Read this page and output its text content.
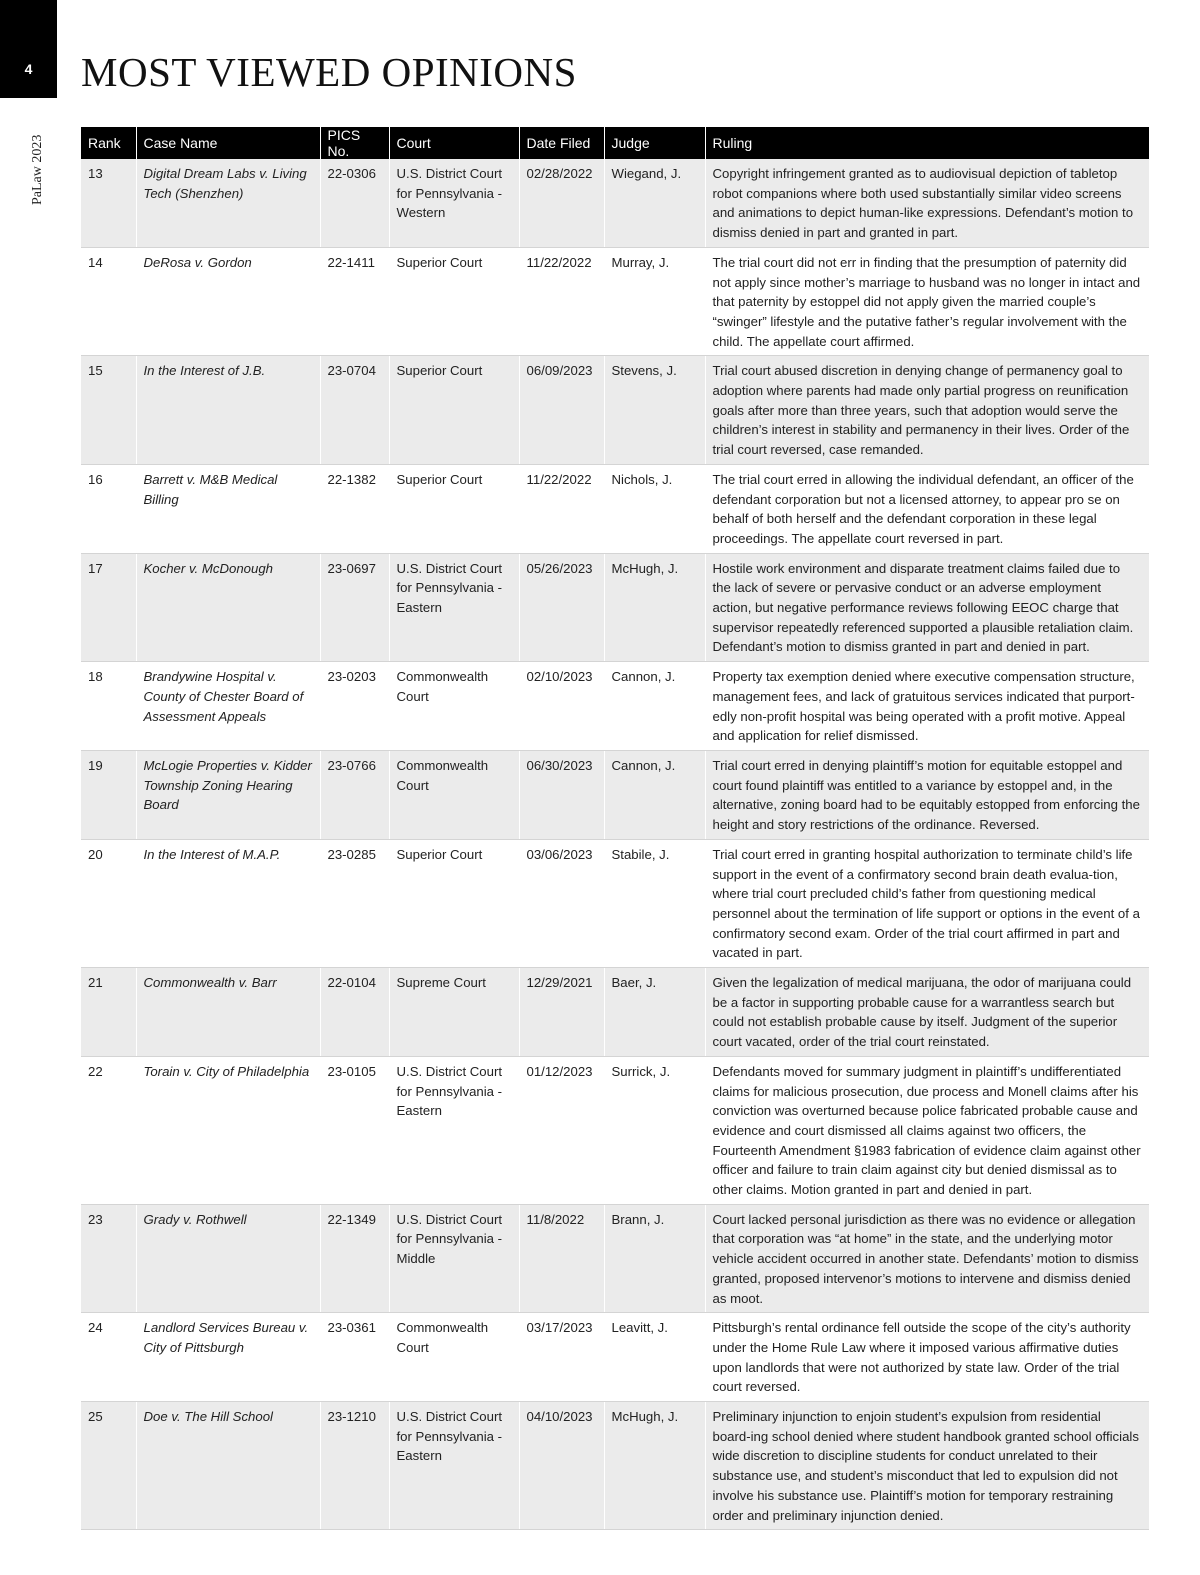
4
PaLaw 2023
MOST VIEWED OPINIONS
Rank	Case Name	PICS No.	Court	Date Filed	Judge	Ruling
13	Digital Dream Labs v. Living Tech (Shenzhen)	22-0306	U.S. District Court for Pennsylvania - Western	02/28/2022	Wiegand, J.	Copyright infringement granted as to audiovisual depiction of tabletop robot companions where both used substantially similar video screens and animations to depict human-like expressions. Defendant’s motion to dismiss denied in part and granted in part.
14	DeRosa v. Gordon	22-1411	Superior Court	11/22/2022	Murray, J.	The trial court did not err in finding that the presumption of paternity did not apply since mother’s marriage to husband was no longer in intact and that paternity by estoppel did not apply given the married couple’s “swinger” lifestyle and the putative father’s regular involvement with the child. The appellate court affirmed.
15	In the Interest of J.B.	23-0704	Superior Court	06/09/2023	Stevens, J.	Trial court abused discretion in denying change of permanency goal to adoption where parents had made only partial progress on reunification goals after more than three years, such that adoption would serve the children’s interest in stability and permanency in their lives. Order of the trial court reversed, case remanded.
16	Barrett v. M&B Medical Billing	22-1382	Superior Court	11/22/2022	Nichols, J.	The trial court erred in allowing the individual defendant, an officer of the defendant corporation but not a licensed attorney, to appear pro se on behalf of both herself and the defendant corporation in these legal proceedings. The appellate court reversed in part.
17	Kocher v. McDonough	23-0697	U.S. District Court for Pennsylvania - Eastern	05/26/2023	McHugh, J.	Hostile work environment and disparate treatment claims failed due to the lack of severe or pervasive conduct or an adverse employment action, but negative performance reviews following EEOC charge that supervisor repeatedly referenced supported a plausible retaliation claim. Defendant’s motion to dismiss granted in part and denied in part.
18	Brandywine Hospital v. County of Chester Board of Assessment Appeals	23-0203	Commonwealth Court	02/10/2023	Cannon, J.	Property tax exemption denied where executive compensation structure, management fees, and lack of gratuitous services indicated that purport-edly non-profit hospital was being operated with a profit motive. Appeal and application for relief dismissed.
19	McLogie Properties v. Kidder Township Zoning Hearing Board	23-0766	Commonwealth Court	06/30/2023	Cannon, J.	Trial court erred in denying plaintiff’s motion for equitable estoppel and court found plaintiff was entitled to a variance by estoppel and, in the alternative, zoning board had to be equitably estopped from enforcing the height and story restrictions of the ordinance. Reversed.
20	In the Interest of M.A.P.	23-0285	Superior Court	03/06/2023	Stabile, J.	Trial court erred in granting hospital authorization to terminate child’s life support in the event of a confirmatory second brain death evalua-tion, where trial court precluded child’s father from questioning medical personnel about the termination of life support or options in the event of a confirmatory second exam. Order of the trial court affirmed in part and vacated in part.
21	Commonwealth v. Barr	22-0104	Supreme Court	12/29/2021	Baer, J.	Given the legalization of medical marijuana, the odor of marijuana could be a factor in supporting probable cause for a warrantless search but could not establish probable cause by itself. Judgment of the superior court vacated, order of the trial court reinstated.
22	Torain v. City of Philadelphia	23-0105	U.S. District Court for Pennsylvania - Eastern	01/12/2023	Surrick, J.	Defendants moved for summary judgment in plaintiff’s undifferentiated claims for malicious prosecution, due process and Monell claims after his conviction was overturned because police fabricated probable cause and evidence and court dismissed all claims against two officers, the Fourteenth Amendment §1983 fabrication of evidence claim against other officer and failure to train claim against city but denied dismissal as to other claims. Motion granted in part and denied in part.
23	Grady v. Rothwell	22-1349	U.S. District Court for Pennsylvania - Middle	11/8/2022	Brann, J.	Court lacked personal jurisdiction as there was no evidence or allegation that corporation was “at home” in the state, and the underlying motor vehicle accident occurred in another state. Defendants’ motion to dismiss granted, proposed intervenor’s motions to intervene and dismiss denied as moot.
24	Landlord Services Bureau v. City of Pittsburgh	23-0361	Commonwealth Court	03/17/2023	Leavitt, J.	Pittsburgh’s rental ordinance fell outside the scope of the city’s authority under the Home Rule Law where it imposed various affirmative duties upon landlords that were not authorized by state law. Order of the trial court reversed.
25	Doe v. The Hill School	23-1210	U.S. District Court for Pennsylvania - Eastern	04/10/2023	McHugh, J.	Preliminary injunction to enjoin student’s expulsion from residential board-ing school denied where student handbook granted school officials wide discretion to discipline students for conduct unrelated to their substance use, and student’s misconduct that led to expulsion did not involve his substance use. Plaintiff’s motion for temporary restraining order and preliminary injunction denied.
